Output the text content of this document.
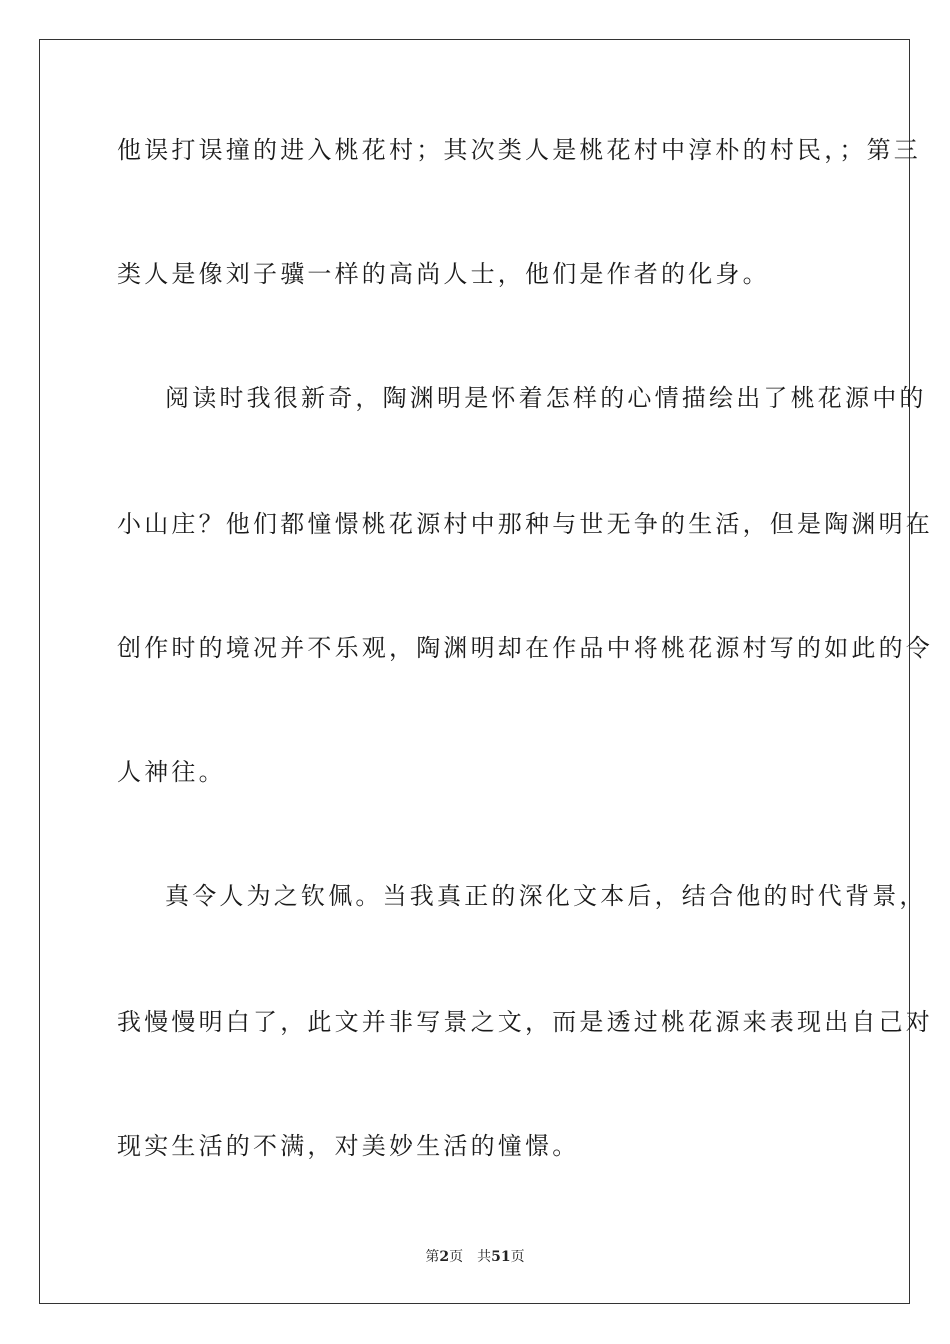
他误打误撞的进入桃花村；其次类人是桃花村中淳朴的村民，；第三
类人是像刘子骥一样的高尚人士，他们是作者的化身。
阅读时我很新奇，陶渊明是怀着怎样的心情描绘出了桃花源中的
小山庄？他们都憧憬桃花源村中那种与世无争的生活，但是陶渊明在
创作时的境况并不乐观，陶渊明却在作品中将桃花源村写的如此的令
人神往。
真令人为之钦佩。当我真正的深化文本后，结合他的时代背景，
我慢慢明白了，此文并非写景之文，而是透过桃花源来表现出自己对
现实生活的不满，对美妙生活的憧憬。
第2页 共51页
